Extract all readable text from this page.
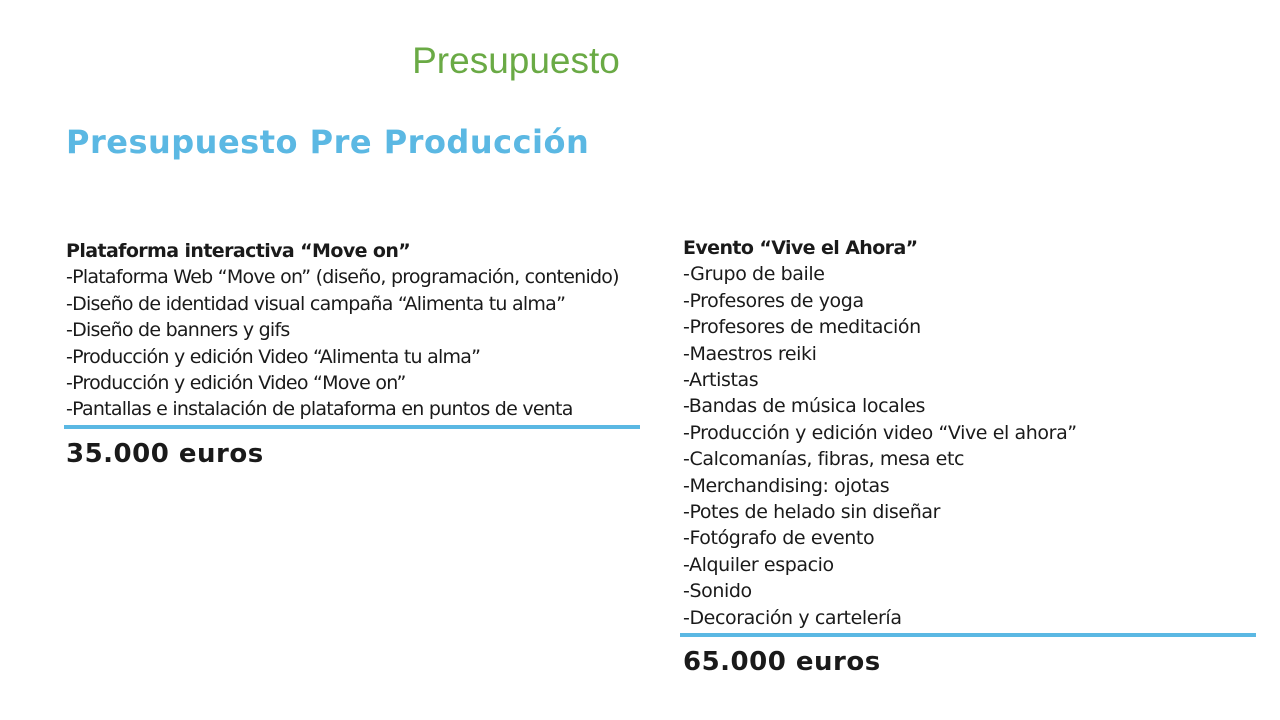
Presupuesto
Presupuesto Pre Producción
Plataforma interactiva “Move on”
-Plataforma Web “Move on” (diseño, programación, contenido)
-Diseño de identidad visual campaña “Alimenta tu alma”
-Diseño de banners y gifs
-Producción y edición Video “Alimenta tu alma”
-Producción y edición Video “Move on”
-Pantallas e instalación de plataforma en puntos de venta
35.000 euros
Evento “Vive el Ahora”
-Grupo de baile
-Profesores de yoga
-Profesores de meditación
-Maestros reiki
-Artistas
-Bandas de música locales
-Producción y edición video “Vive el ahora”
-Calcomanías, fibras, mesa etc
-Merchandising: ojotas
-Potes de helado sin diseñar
-Fotógrafo de evento
-Alquiler espacio
-Sonido
-Decoración y cartelería
65.000 euros
